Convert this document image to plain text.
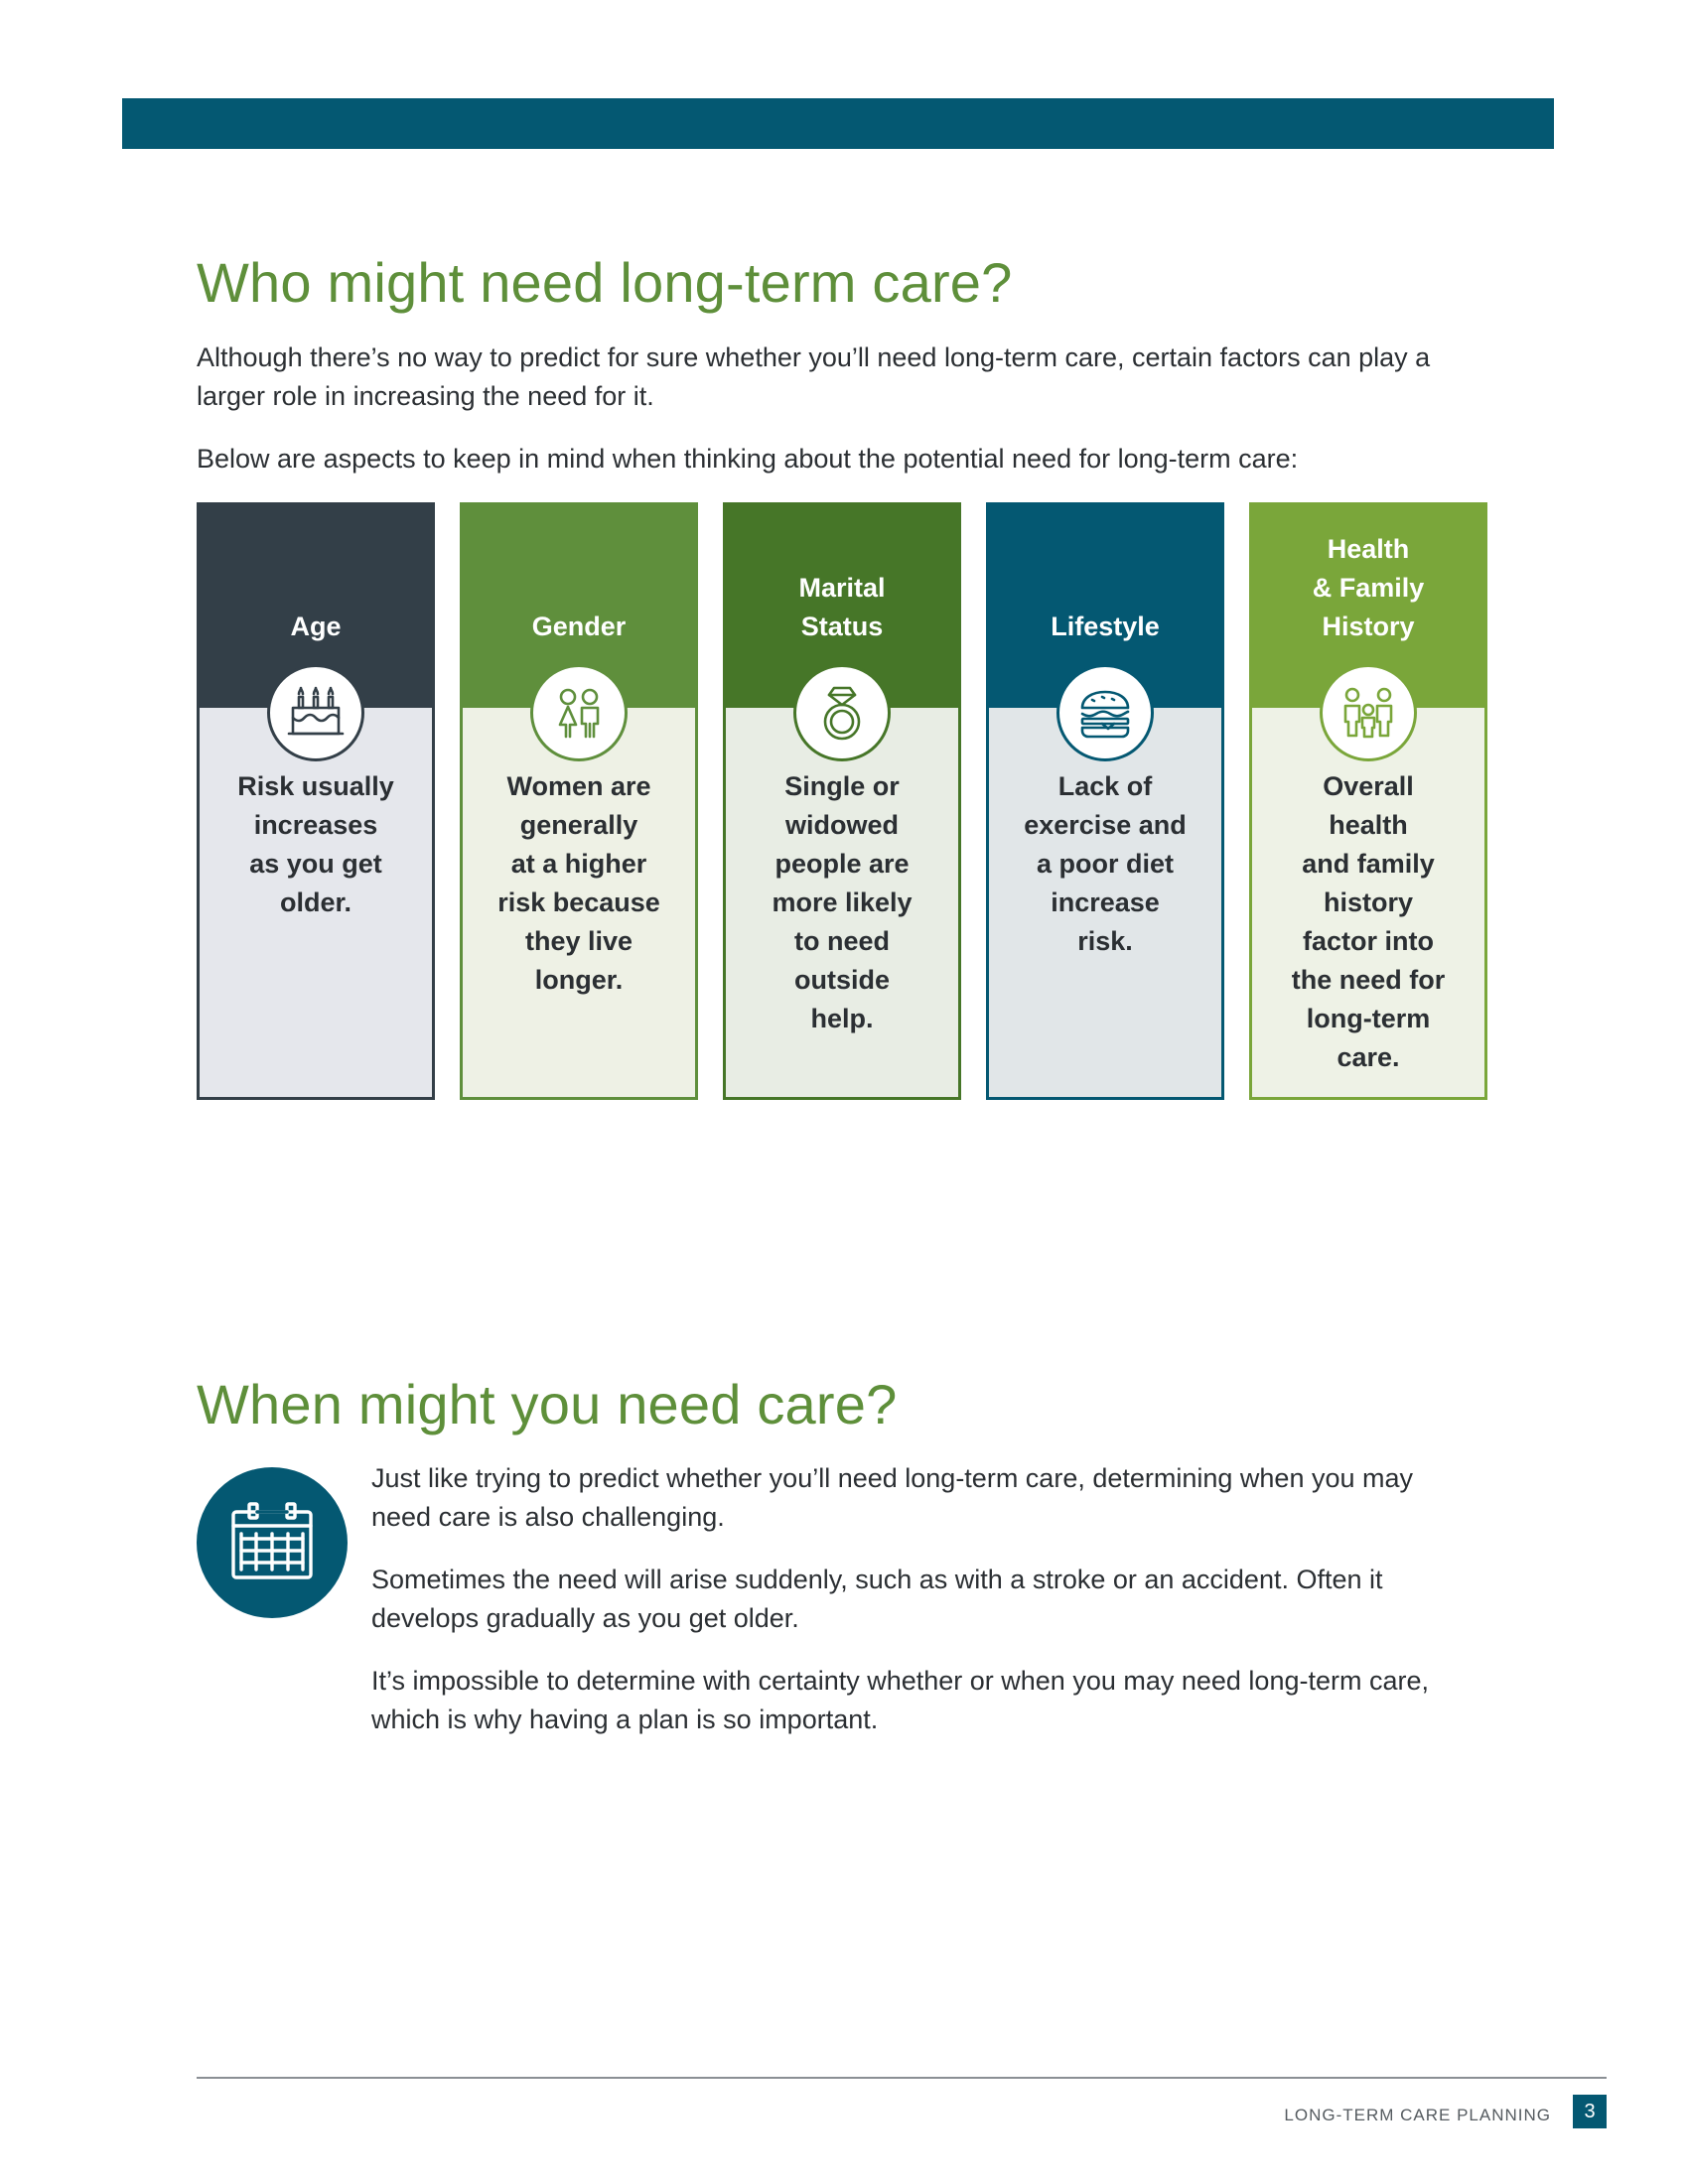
Who might need long-term care?

Although there’s no way to predict for sure whether you’ll need long-term care, certain factors can play a larger role in increasing the need for it.

Below are aspects to keep in mind when thinking about the potential need for long-term care:

Age

Risk usually

increases

as you get

older.

Gender

Women are

generally

at a higher

risk because

they live

longer.

Marital
Status

Single or

widowed

people are

more likely

to need

outside

help.

Lifestyle

Lack of

exercise and

a poor diet

increase

risk.

Health
& Family
History

Overall

health

and family

history

factor into

the need for

long-term

care.

When might you need care?

Just like trying to predict whether you’ll need long-term care, determining when you may need care is also challenging.

Sometimes the need will arise suddenly, such as with a stroke or an accident. Often it develops gradually as you get older.

It’s impossible to determine with certainty whether or when you may need long-term care, which is why having a plan is so important.

LONG-TERM CARE PLANNING	3
